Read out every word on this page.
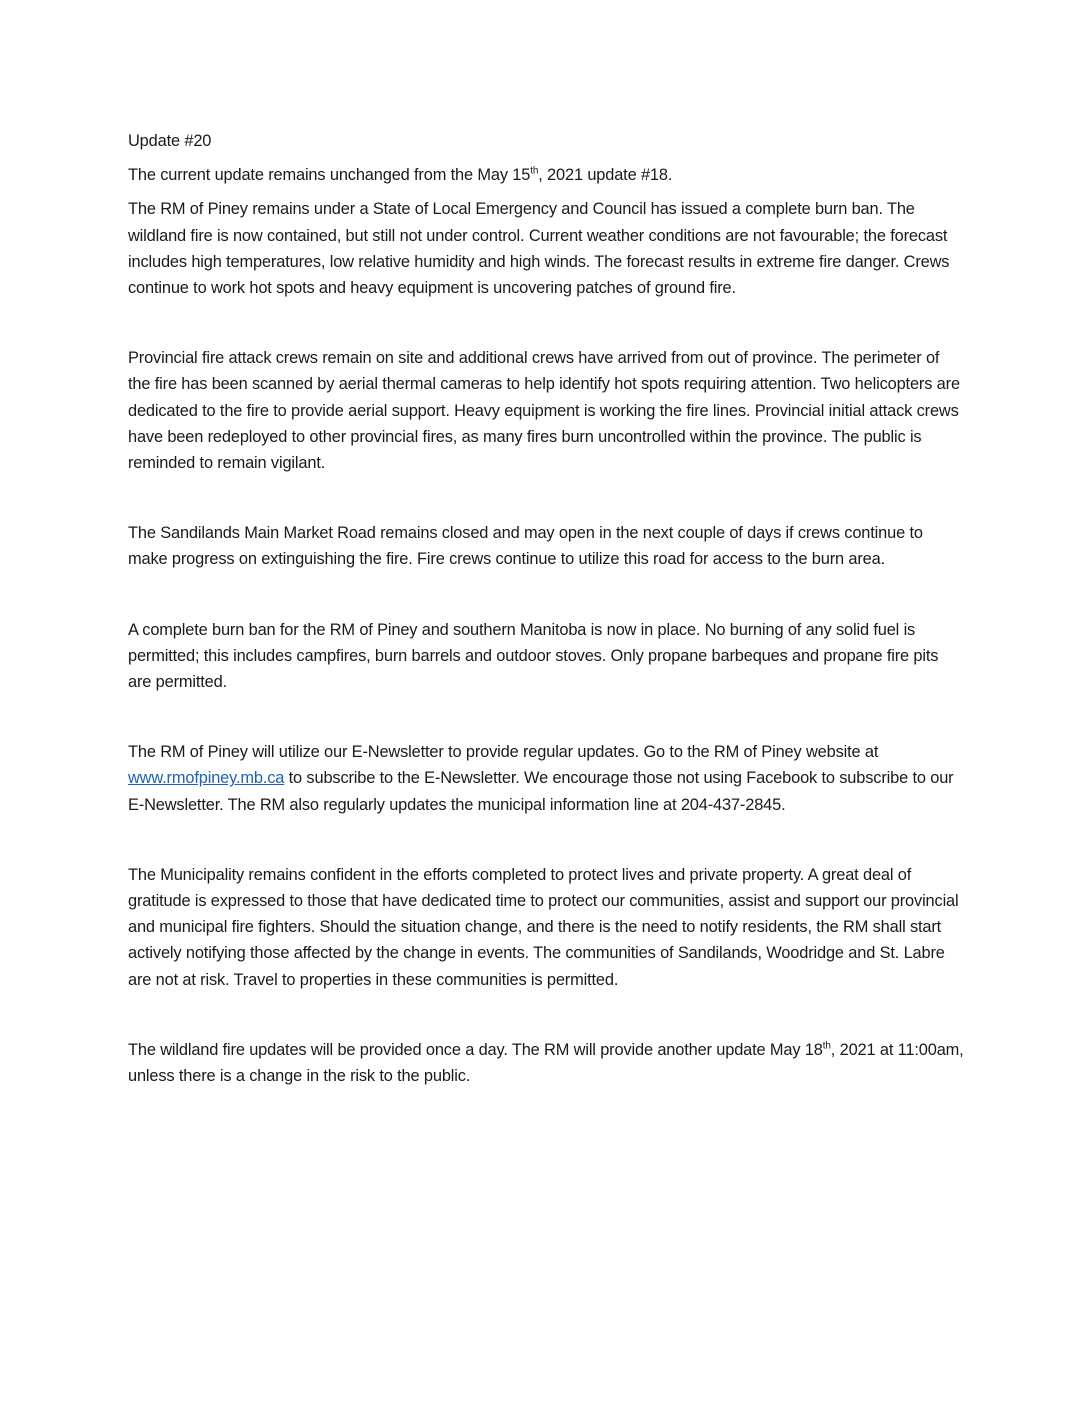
Update #20

The current update remains unchanged from the May 15th, 2021 update #18.

The RM of Piney remains under a State of Local Emergency and Council has issued a complete burn ban. The wildland fire is now contained, but still not under control. Current weather conditions are not favourable; the forecast includes high temperatures, low relative humidity and high winds. The forecast results in extreme fire danger. Crews continue to work hot spots and heavy equipment is uncovering patches of ground fire.

Provincial fire attack crews remain on site and additional crews have arrived from out of province. The perimeter of the fire has been scanned by aerial thermal cameras to help identify hot spots requiring attention. Two helicopters are dedicated to the fire to provide aerial support. Heavy equipment is working the fire lines. Provincial initial attack crews have been redeployed to other provincial fires, as many fires burn uncontrolled within the province. The public is reminded to remain vigilant.

The Sandilands Main Market Road remains closed and may open in the next couple of days if crews continue to make progress on extinguishing the fire. Fire crews continue to utilize this road for access to the burn area.

A complete burn ban for the RM of Piney and southern Manitoba is now in place. No burning of any solid fuel is permitted; this includes campfires, burn barrels and outdoor stoves. Only propane barbeques and propane fire pits are permitted.

The RM of Piney will utilize our E-Newsletter to provide regular updates. Go to the RM of Piney website at www.rmofpiney.mb.ca to subscribe to the E-Newsletter. We encourage those not using Facebook to subscribe to our E-Newsletter. The RM also regularly updates the municipal information line at 204-437-2845.

The Municipality remains confident in the efforts completed to protect lives and private property. A great deal of gratitude is expressed to those that have dedicated time to protect our communities, assist and support our provincial and municipal fire fighters. Should the situation change, and there is the need to notify residents, the RM shall start actively notifying those affected by the change in events. The communities of Sandilands, Woodridge and St. Labre are not at risk. Travel to properties in these communities is permitted.

The wildland fire updates will be provided once a day. The RM will provide another update May 18th, 2021 at 11:00am, unless there is a change in the risk to the public.
